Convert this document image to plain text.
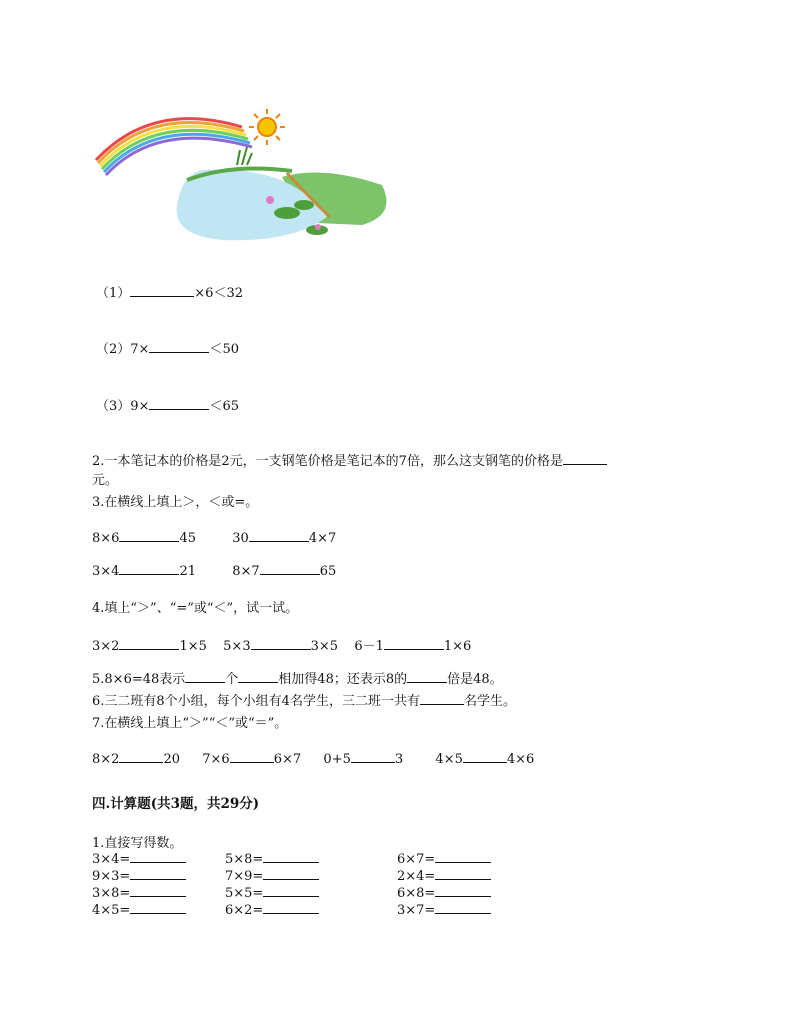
（1）	×6＜32
（2）7×	＜50
（3）9×	＜65
2.一本笔记本的价格是2元，一支钢笔价格是笔记本的7倍，那么这支钢笔的价格是
元。
3.在横线上填上＞，＜或=。
8×6	45	30	4×7
3×4	21	8×7	65
4.填上“＞”、“=”或“＜”，试一试。
3×2	1×5 5×3	3×5 6－1	1×6
5.8×6=48表示	个	相加得48；还表示8的	倍是48。
6.三二班有8个小组，每个小组有4名学生，三二班一共有	名学生。
7.在横线上填上“＞”“＜”或“＝”。
8×2	20 7×6	6×7 0+5	3 4×5	4×6
四.计算题(共3题，共29分)
1.直接写得数。
3×4=	5×8=	6×7=
9×3=	7×9=	2×4=
3×8=	5×5=	6×8=
4×5=	6×2=	3×7=
